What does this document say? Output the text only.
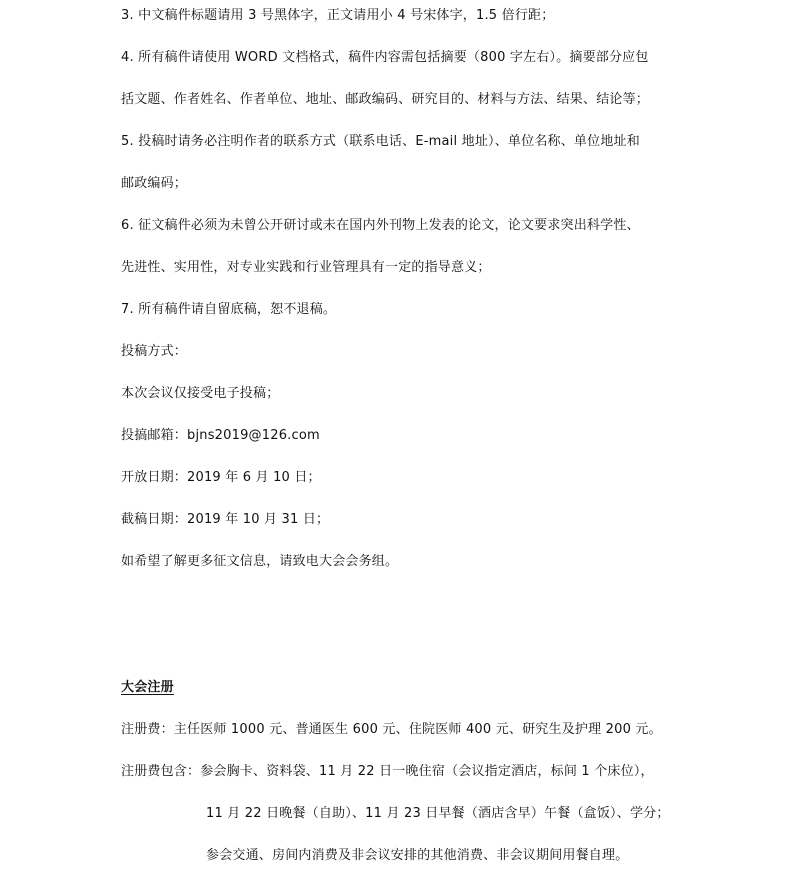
3. 中文稿件标题请用 3 号黑体字，正文请用小 4 号宋体字，1.5 倍行距；
4. 所有稿件请使用 WORD 文档格式，稿件内容需包括摘要（800 字左右）。摘要部分应包
括文题、作者姓名、作者单位、地址、邮政编码、研究目的、材料与方法、结果、结论等；
5. 投稿时请务必注明作者的联系方式（联系电话、E-mail 地址）、单位名称、单位地址和
邮政编码；
6. 征文稿件必须为未曾公开研讨或未在国内外刊物上发表的论文，论文要求突出科学性、
先进性、实用性，对专业实践和行业管理具有一定的指导意义；
7. 所有稿件请自留底稿，恕不退稿。
投稿方式：
本次会议仅接受电子投稿；
投搞邮箱：bjns2019@126.com
开放日期：2019 年 6 月 10 日；
截稿日期：2019 年 10 月 31 日；
如希望了解更多征文信息，请致电大会会务组。
大会注册
注册费：主任医师 1000 元、普通医生 600 元、住院医师 400 元、研究生及护理 200 元。
注册费包含：参会胸卡、资料袋、11 月 22 日一晚住宿（会议指定酒店，标间 1 个床位），
11 月 22 日晚餐（自助）、11 月 23 日早餐（酒店含早）午餐（盒饭）、学分；
参会交通、房间内消费及非会议安排的其他消费、非会议期间用餐自理。
